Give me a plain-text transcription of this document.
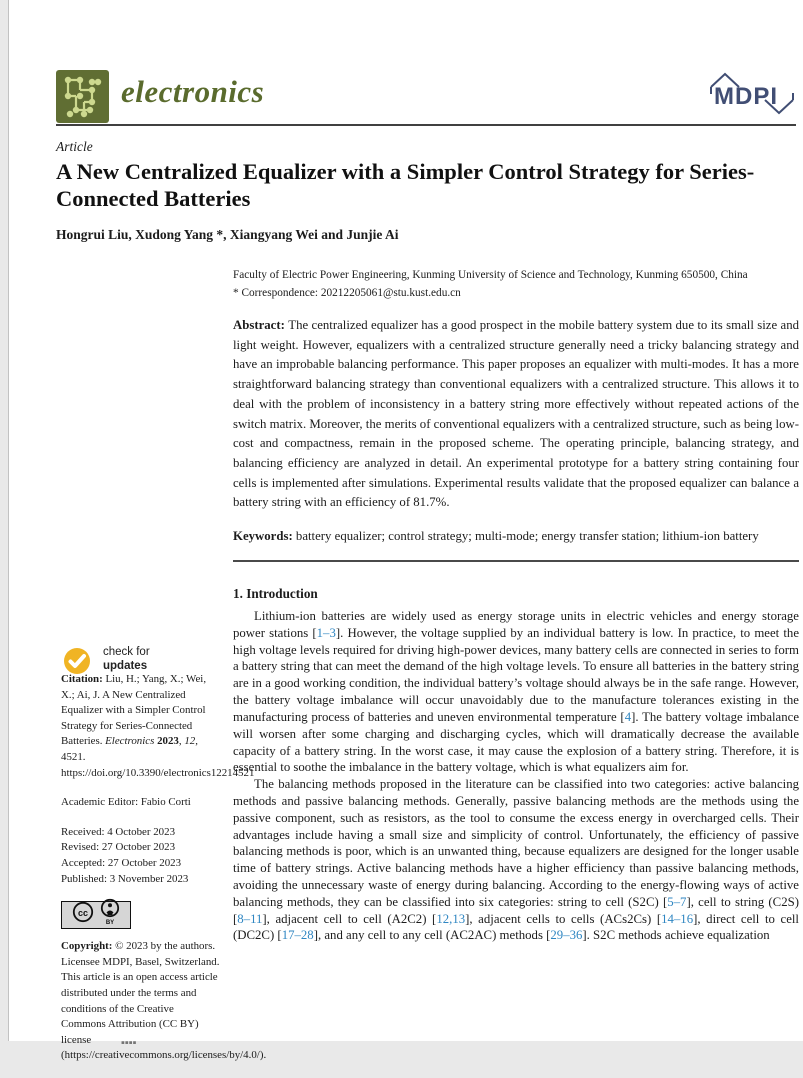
electronics	MDPI
Article
A New Centralized Equalizer with a Simpler Control Strategy for Series-Connected Batteries
Hongrui Liu, Xudong Yang *, Xiangyang Wei and Junjie Ai
Faculty of Electric Power Engineering, Kunming University of Science and Technology, Kunming 650500, China
* Correspondence: 20212205061@stu.kust.edu.cn
Abstract: The centralized equalizer has a good prospect in the mobile battery system due to its small size and light weight. However, equalizers with a centralized structure generally need a tricky balancing strategy and have an improbable balancing performance. This paper proposes an equalizer with multi-modes. It has a more straightforward balancing strategy than conventional equalizers with a centralized structure. This allows it to deal with the problem of inconsistency in a battery string more effectively without repeated actions of the switch matrix. Moreover, the merits of conventional equalizers with a centralized structure, such as being low-cost and compactness, remain in the proposed scheme. The operating principle, balancing strategy, and balancing efficiency are analyzed in detail. An experimental prototype for a battery string containing four cells is implemented after simulations. Experimental results validate that the proposed equalizer can balance a battery string with an efficiency of 81.7%.
Keywords: battery equalizer; control strategy; multi-mode; energy transfer station; lithium-ion battery
1. Introduction

Lithium-ion batteries are widely used as energy storage units in electric vehicles and energy storage power stations [1–3]. However, the voltage supplied by an individual battery is low. In practice, to meet the high voltage levels required for driving high-power devices, many battery cells are connected in series to form a battery string that can meet the demand of the high voltage levels. To ensure all batteries in the battery string are in a good working condition, the individual battery’s voltage should always be in the safe range. However, the battery voltage imbalance will occur unavoidably due to the manufacture tolerances existing in the manufacturing process of batteries and uneven environmental temperature [4]. The battery voltage imbalance will worsen after some charging and discharging cycles, which will dramatically decrease the available capacity of a battery string. In the worst case, it may cause the explosion of a battery string. Therefore, it is essential to soothe the imbalance in the battery voltage, which is what equalizers aim for.

The balancing methods proposed in the literature can be classified into two categories: active balancing methods and passive balancing methods. Generally, passive balancing methods are the methods using the passive component, such as resistors, as the tool to consume the excess energy in overcharged cells. Their advantages include having a small size and simplicity of control. Unfortunately, the efficiency of passive balancing methods is poor, which is an unwanted thing, because equalizers are designed for the longer usable time of battery strings. Active balancing methods have a higher efficiency than passive balancing methods, avoiding the unnecessary waste of energy during balancing. According to the energy-flowing ways of active balancing methods, they can be classified into six categories: string to cell (S2C) [5–7], cell to string (C2S) [8–11], adjacent cell to cell (A2C2) [12,13], adjacent cells to cells (ACs2Cs) [14–16], direct cell to cell (DC2C) [17–28], and any cell to any cell (AC2AC) methods [29–36]. S2C methods achieve equalization

check for
updates
Citation: Liu, H.; Yang, X.; Wei, X.; Ai, J. A New Centralized Equalizer with a Simpler Control Strategy for Series-Connected Batteries. Electronics 2023, 12, 4521. https://doi.org/10.3390/electronics12214521
Academic Editor: Fabio Corti
Received: 4 October 2023
Revised: 27 October 2023
Accepted: 27 October 2023
Published: 3 November 2023
cc
BY
Copyright: © 2023 by the authors. Licensee MDPI, Basel, Switzerland. This article is an open access article distributed under the terms and conditions of the Creative Commons Attribution (CC BY) license (https://creativecommons.org/licenses/by/4.0/).
▪▪▪▪
